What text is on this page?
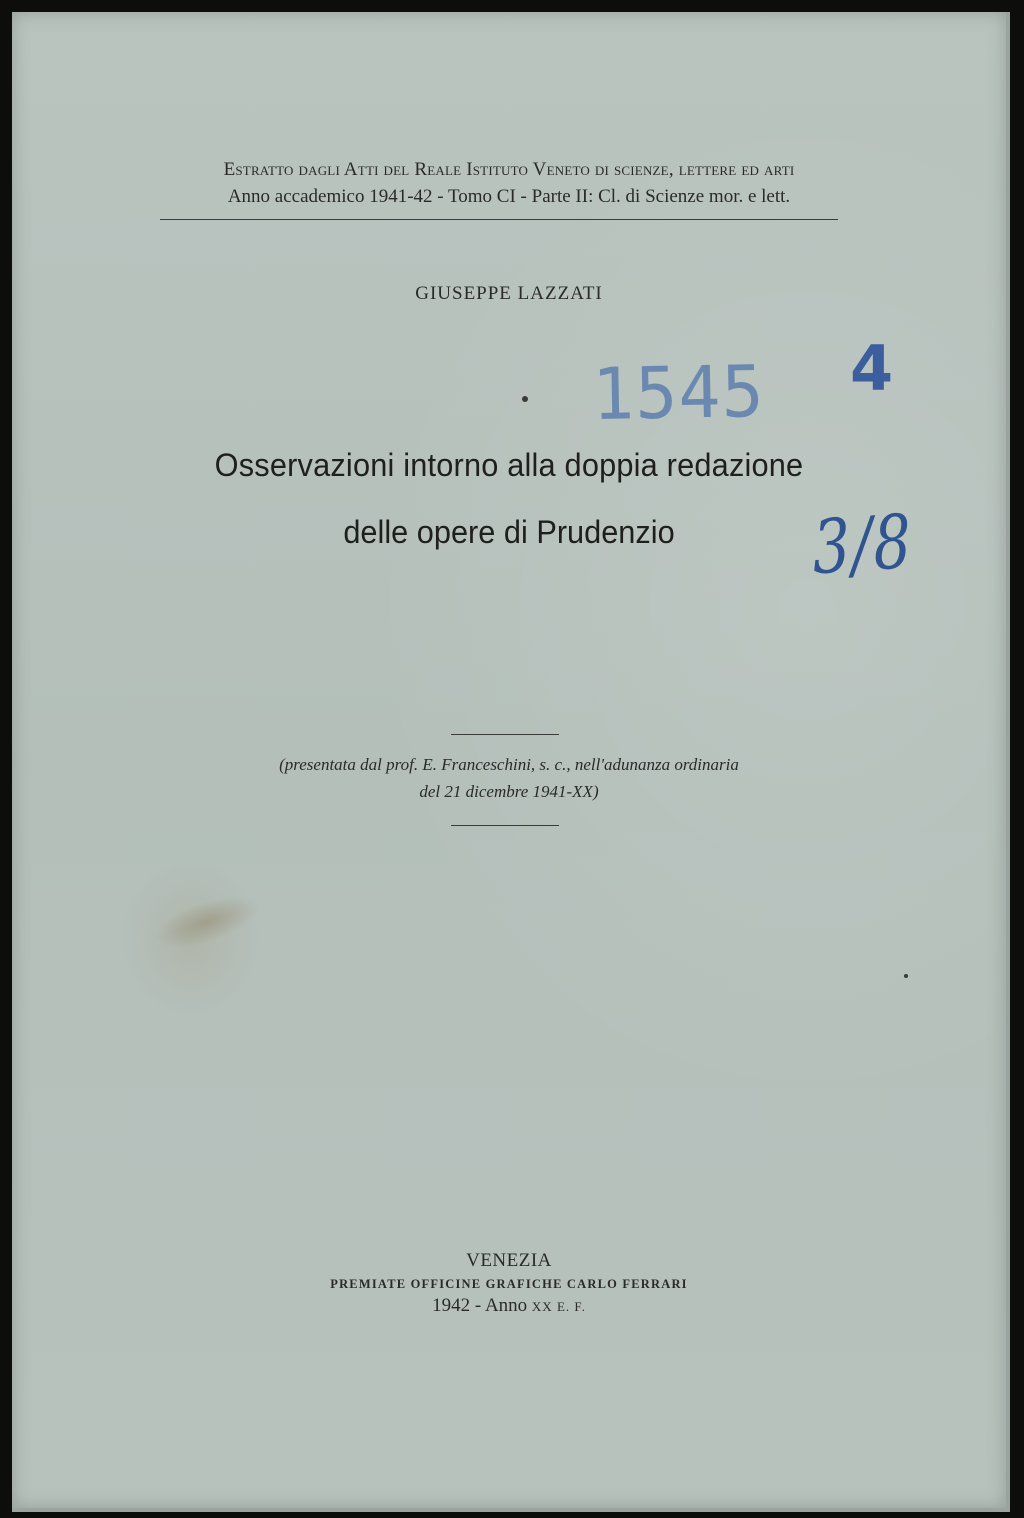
Estratto dagli Atti del Reale Istituto Veneto di scienze, lettere ed arti
Anno accademico 1941-42 - Tomo CI - Parte II: Cl. di Scienze mor. e lett.
GIUSEPPE LAZZATI
1545 4
Osservazioni intorno alla doppia redazione
delle opere di Prudenzio	3/8
(presentata dal prof. E. Franceschini, s. c., nell'adunanza ordinaria
del 21 dicembre 1941-XX)
VENEZIA
PREMIATE OFFICINE GRAFICHE CARLO FERRARI
1942 - Anno XX E. F.
